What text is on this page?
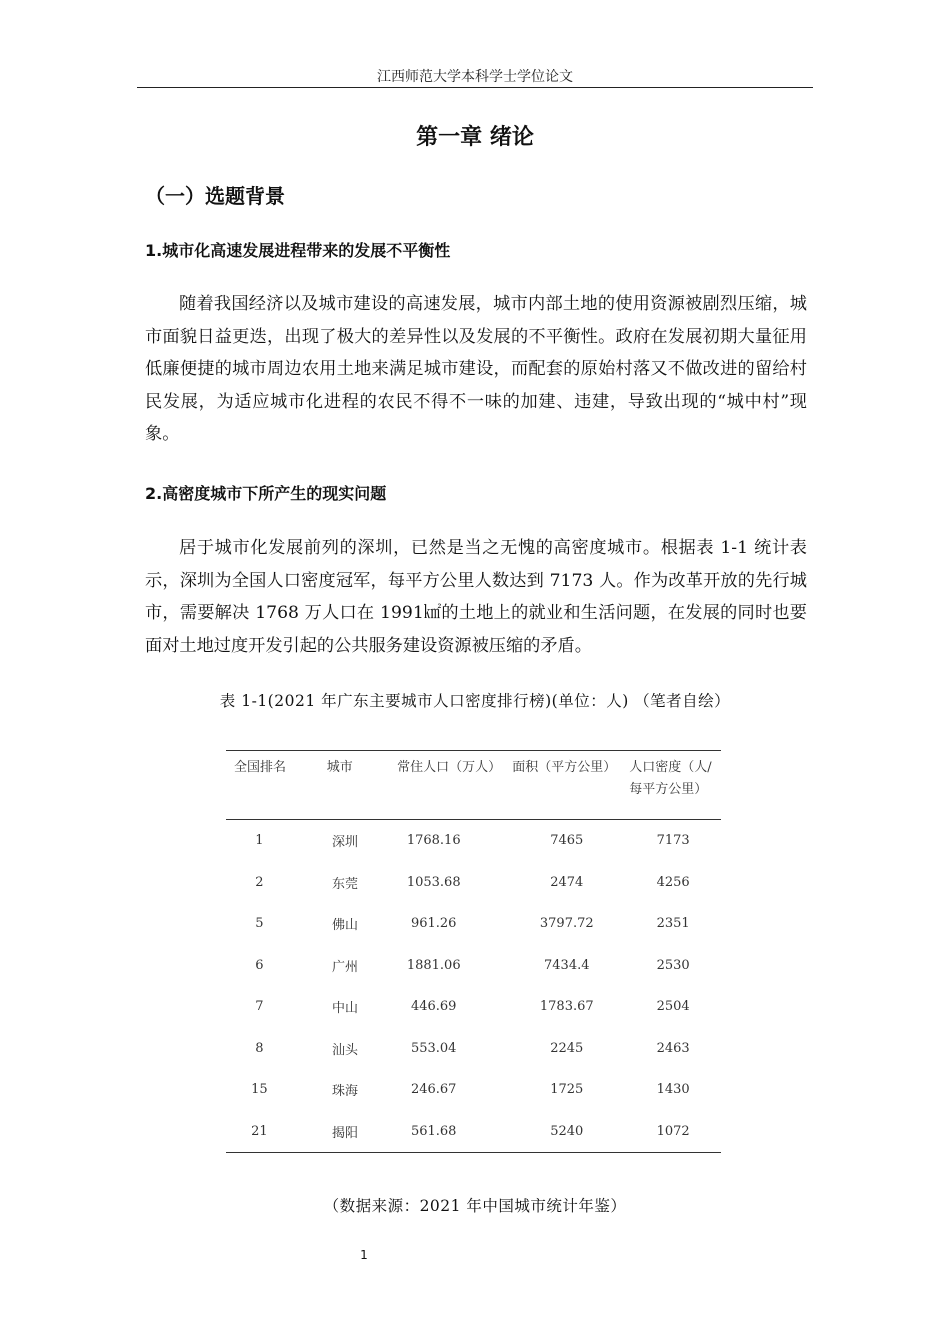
江西师范大学本科学士学位论文
第一章 绪论
（一）选题背景
1.城市化高速发展进程带来的发展不平衡性

随着我国经济以及城市建设的高速发展，城市内部土地的使用资源被剧烈压缩，城市面貌日益更迭，出现了极大的差异性以及发展的不平衡性。政府在发展初期大量征用低廉便捷的城市周边农用土地来满足城市建设，而配套的原始村落又不做改进的留给村民发展，为适应城市化进程的农民不得不一味的加建、违建，导致出现的“城中村”现象。

2.高密度城市下所产生的现实问题

居于城市化发展前列的深圳，已然是当之无愧的高密度城市。根据表 1-1 统计表示，深圳为全国人口密度冠军，每平方公里人数达到 7173 人。作为改革开放的先行城市，需要解决 1768 万人口在 1991㎢的土地上的就业和生活问题，在发展的同时也要面对土地过度开发引起的公共服务建设资源被压缩的矛盾。

表 1-1(2021 年广东主要城市人口密度排行榜)(单位：人) （笔者自绘）
全国排名	城市	常住人口（万人）	面积（平方公里）	人口密度（人/每平方公里）
1	深圳	1768.16	7465	7173
2	东莞	1053.68	2474	4256
5	佛山	961.26	3797.72	2351
6	广州	1881.06	7434.4	2530
7	中山	446.69	1783.67	2504
8	汕头	553.04	2245	2463
15	珠海	246.67	1725	1430
21	揭阳	561.68	5240	1072
（数据来源：2021 年中国城市统计年鉴）
1
